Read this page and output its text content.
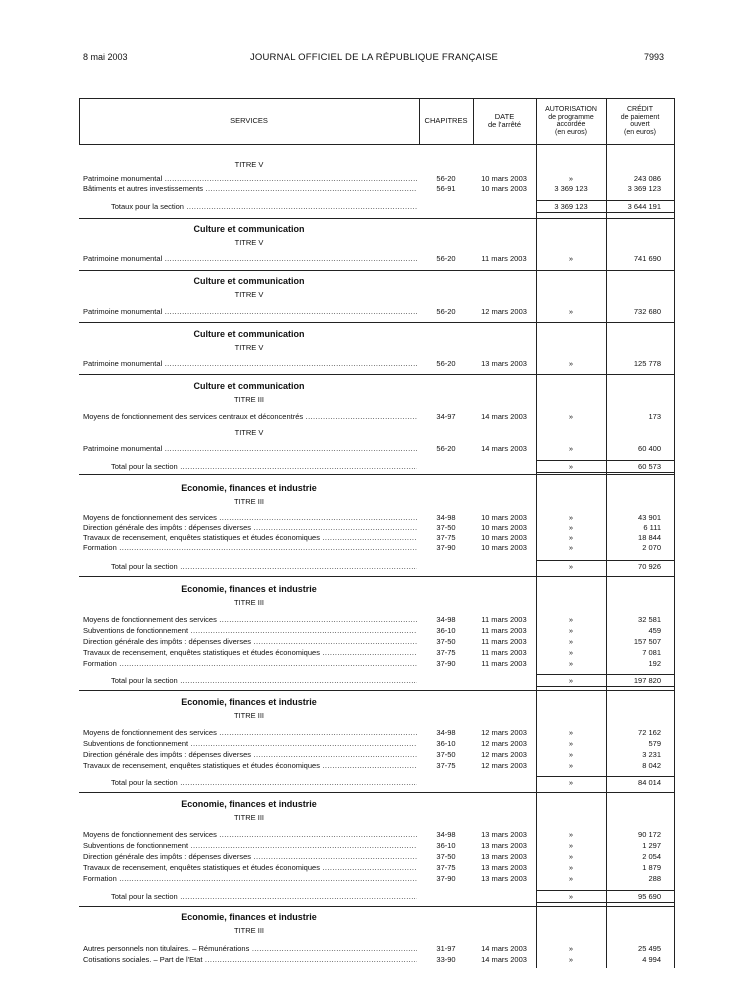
8 mai 2003	JOURNAL OFFICIEL DE LA RÉPUBLIQUE FRANÇAISE	7993
SERVICES	CHAPITRES	DATE
de l'arrêté
AUTORISATION
de programme
accordée
(en euros)
CRÉDIT
de paiement
ouvert
(en euros)
TITRE V
Culture et communication
TITRE V
Culture et communication
TITRE V
Culture et communication
TITRE V
Culture et communication
TITRE III
TITRE V
Economie, finances et industrie
TITRE III
Economie, finances et industrie
TITRE III
Economie, finances et industrie
TITRE III
Economie, finances et industrie
TITRE III
Economie, finances et industrie
TITRE III
Patrimoine monumental .....	56-20	10 mars 2003	»	243 086
Bâtiments et autres investissements .....	56-91	10 mars 2003	3 369 123	3 369 123
Totaux pour la section .....	3 369 123	3 644 191
Patrimoine monumental .....	56-20	11 mars 2003	»	741 690
Patrimoine monumental .....	56-20	12 mars 2003	»	732 680
Patrimoine monumental .....	56-20	13 mars 2003	»	125 778
Moyens de fonctionnement des services centraux et déconcentrés .....	34-97	14 mars 2003	»	173
Patrimoine monumental .....	56-20	14 mars 2003	»	60 400
Total pour la section .....	»	60 573
Moyens de fonctionnement des services .....	34-98	10 mars 2003	»	43 901
Direction générale des impôts : dépenses diverses .....	37-50	10 mars 2003	»	6 111
Travaux de recensement, enquêtes statistiques et études économiques .....	37-75	10 mars 2003	»	18 844
Formation .....	37-90	10 mars 2003	»	2 070
Total pour la section .....	»	70 926
Moyens de fonctionnement des services .....	34-98	11 mars 2003	»	32 581
Subventions de fonctionnement .....	36-10	11 mars 2003	»	459
Direction générale des impôts : dépenses diverses .....	37-50	11 mars 2003	»	157 507
Travaux de recensement, enquêtes statistiques et études économiques .....	37-75	11 mars 2003	»	7 081
Formation .....	37-90	11 mars 2003	»	192
Total pour la section .....	»	197 820
Moyens de fonctionnement des services .....	34-98	12 mars 2003	»	72 162
Subventions de fonctionnement .....	36-10	12 mars 2003	»	579
Direction générale des impôts : dépenses diverses .....	37-50	12 mars 2003	»	3 231
Travaux de recensement, enquêtes statistiques et études économiques .....	37-75	12 mars 2003	»	8 042
Total pour la section .....	»	84 014
Moyens de fonctionnement des services .....	34-98	13 mars 2003	»	90 172
Subventions de fonctionnement .....	36-10	13 mars 2003	»	1 297
Direction générale des impôts : dépenses diverses .....	37-50	13 mars 2003	»	2 054
Travaux de recensement, enquêtes statistiques et études économiques .....	37-75	13 mars 2003	»	1 879
Formation .....	37-90	13 mars 2003	»	288
Total pour la section .....	»	95 690
Autres personnels non titulaires. – Rémunérations .....	31-97	14 mars 2003	»	25 495
Cotisations sociales. – Part de l'Etat .....	33-90	14 mars 2003	»	4 994
